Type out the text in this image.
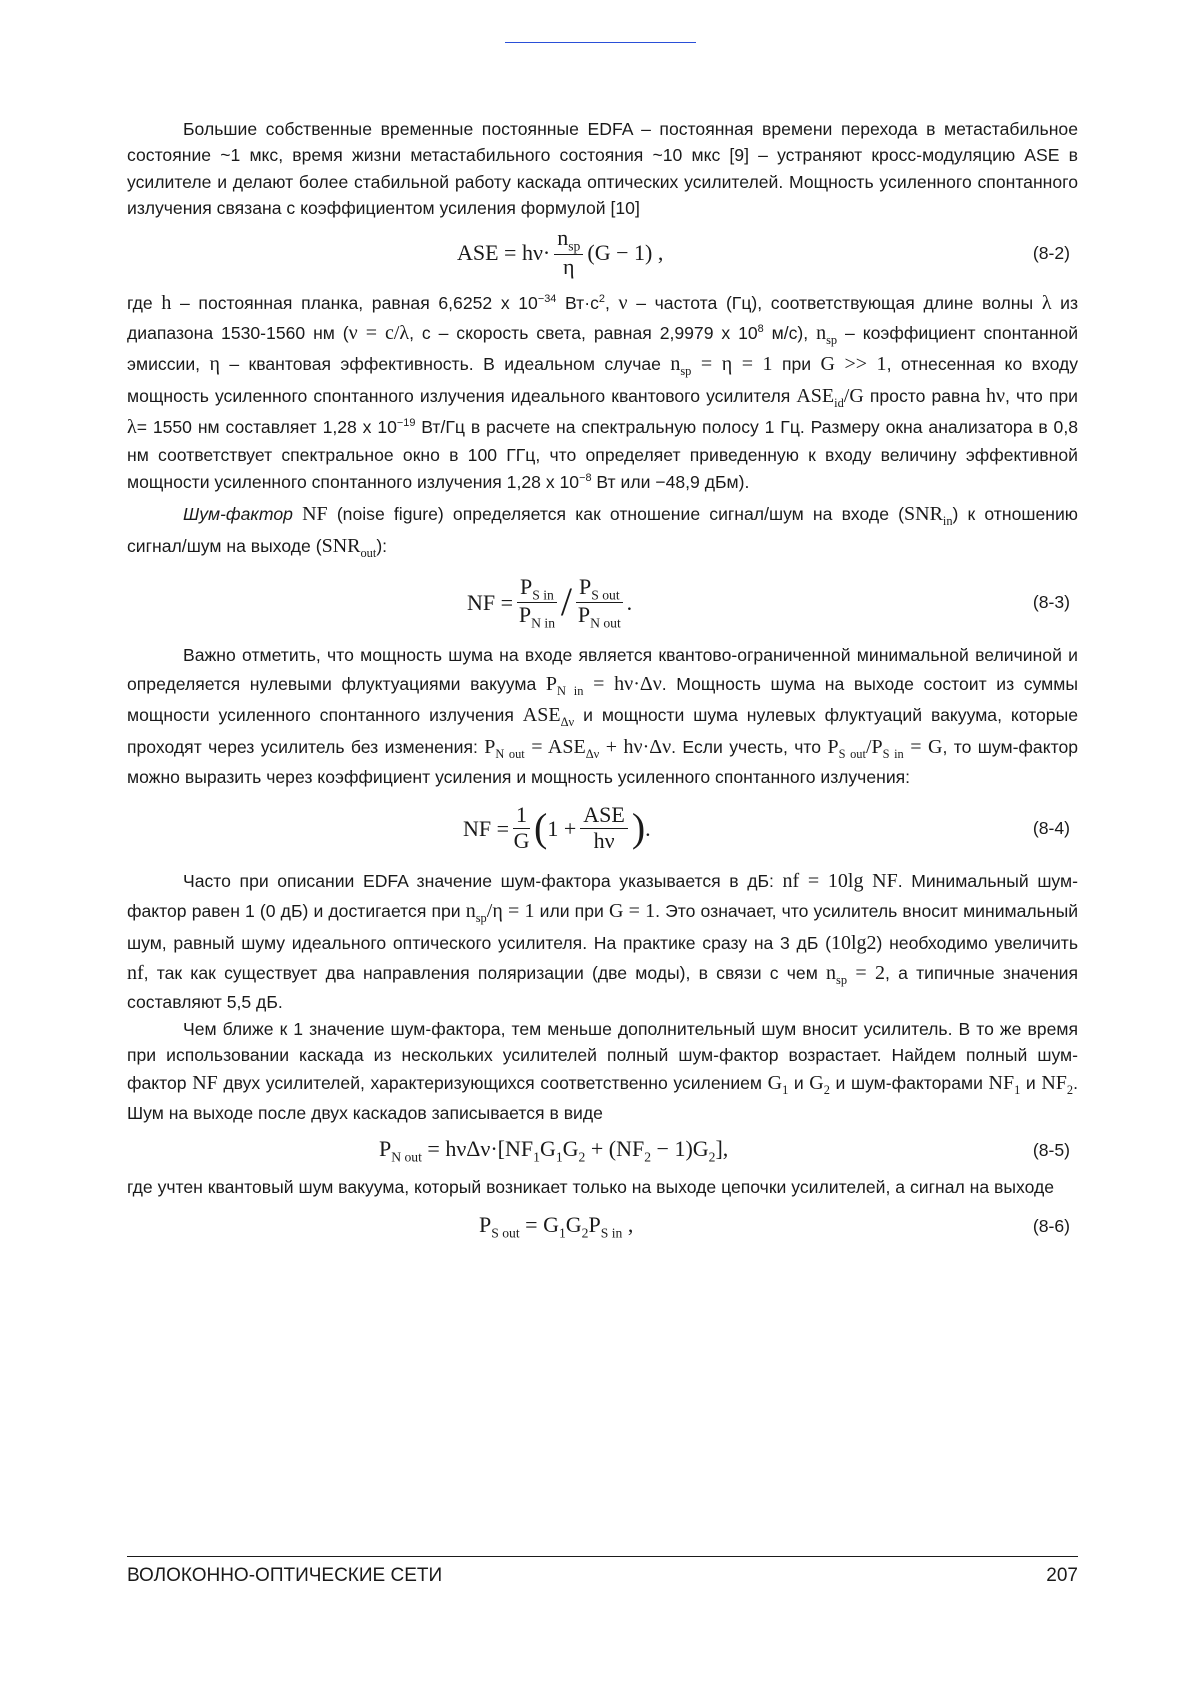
Большие собственные временные постоянные EDFA – постоянная времени перехода в метастабильное состояние ~1 мкс, время жизни метастабильного состояния ~10 мкс [9] – устраняют кросс-модуляцию ASE в усилителе и делают более стабильной работу каскада оптических усилителей. Мощность усиленного спонтанного излучения связана с коэффициентом усиления формулой [10]

ASE = $h\nu\cdot \frac{n_{sp}}{\eta} (G - 1)$ ,	(8-2)

где h – постоянная планка, равная 6,6252 x $10^{-34}$ $Вт\cdot с^2$, ν – частота (Гц), соответствующая длине волны λ из диапазона 1530-1560 нм (ν = c/λ, c – скорость света, равная 2,9979 x $10^8$ м/с), $n_{sp}$ – коэффициент спонтанной эмиссии, η – квантовая эффективность. В идеальном случае $n_{sp} = \eta = 1$ при G >> 1, отнесенная ко входу мощность усиленного спонтанного излучения идеального квантового усилителя $ASE_{id}/G$ просто равна hν, что при λ= 1550 нм составляет 1,28 x $10^{-19}$ Вт/Гц в расчете на спектральную полосу 1 Гц. Размеру окна анализатора в 0,8 нм соответствует спектральное окно в 100 ГГц, что определяет приведенную к входу величину эффективной мощности усиленного спонтанного излучения 1,28 x $10^{-8}$ Вт или −48,9 дБм).

Шум-фактор NF (noise figure) определяется как отношение сигнал/шум на входе $(SNR_{in})$ к отношению сигнал/шум на выходе $(SNR_{out})$:

NF = $\frac{P_{S in}}{P_{N in}} / \frac{P_{S out}}{P_{N out}}$ .	(8-3)

Важно отметить, что мощность шума на входе является квантово-ограниченной минимальной величиной и определяется нулевыми флуктуациями вакуума $P_{N in} = h\nu\cdot\Delta\nu$. Мощность шума на выходе состоит из суммы мощности усиленного спонтанного излучения $ASE_{\Delta\nu}$ и мощности шума нулевых флуктуаций вакуума, которые проходят через усилитель без изменения: $P_{N out} = ASE_{\Delta\nu} + h\nu\cdot\Delta\nu$. Если учесть, что $P_{S out}/P_{S in} = G$, то шум-фактор можно выразить через коэффициент усиления и мощность усиленного спонтанного излучения:

NF = $\frac{1}{G}$ ( $1 + \frac{\text{ASE}}{h\nu}$ ) .	(8-4)

Часто при описании EDFA значение шум-фактора указывается в дБ: nf = 10lg NF. Минимальный шум-фактор равен 1 (0 дБ) и достигается при $n_{sp}/\eta = 1$ или при G = 1. Это означает, что усилитель вносит минимальный шум, равный шуму идеального оптического усилителя. На практике сразу на 3 дБ (10lg2) необходимо увеличить nf, так как существует два направления поляризации (две моды), в связи с чем $n_{sp} = 2$, а типичные значения составляют 5,5 дБ.

Чем ближе к 1 значение шум-фактора, тем меньше дополнительный шум вносит усилитель. В то же время при использовании каскада из нескольких усилителей полный шум-фактор возрастает. Найдем полный шум-фактор NF двух усилителей, характеризующихся соответственно усилением $G_1$ и $G_2$ и шум-факторами $NF_1$ и $NF_2$. Шум на выходе после двух каскадов записывается в виде

$P_{N out} = h\nu\Delta\nu\cdot[NF_1G_1G_2 + (NF_2 - 1)G_2]$,	(8-5)

где учтен квантовый шум вакуума, который возникает только на выходе цепочки усилителей, а сигнал на выходе

$P_{S out} = G_1G_2P_{S in}$ ,	(8-6)
ВОЛОКОННО-ОПТИЧЕСКИЕ СЕТИ	207
